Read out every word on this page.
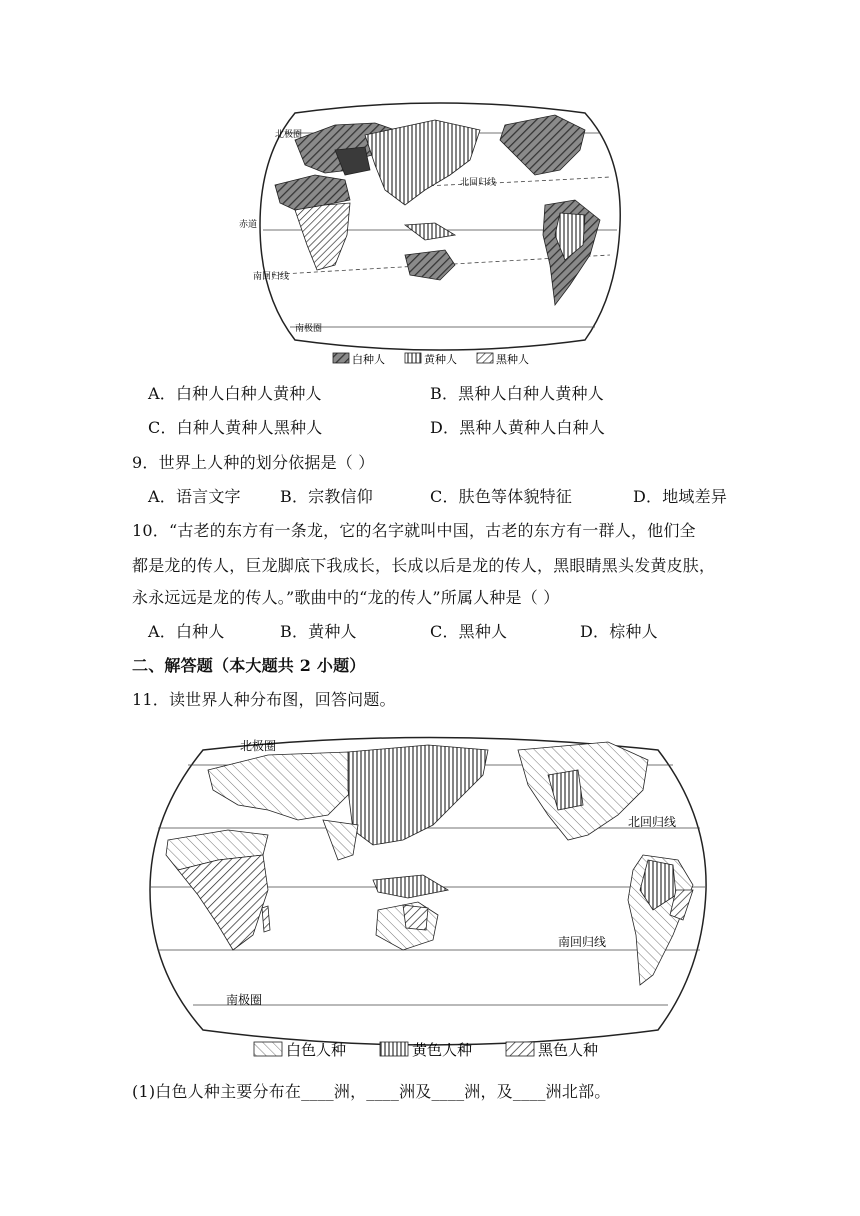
北极圈
北回归线
赤道
南回归线
南极圈
白种人	黄种人	黑种人
A．白种人白种人黄种人	B．黑种人白种人黄种人
C．白种人黄种人黑种人	D．黑种人黄种人白种人
9．世界上人种的划分依据是（ ）
A．语言文字 B．宗教信仰	C．肤色等体貌特征	D．地域差异
10．“古老的东方有一条龙，它的名字就叫中国，古老的东方有一群人，他们全
都是龙的传人，巨龙脚底下我成长，长成以后是龙的传人，黑眼睛黑头发黄皮肤，
永永远远是龙的传人。”歌曲中的“龙的传人”所属人种是（ ）
A．白种人	B．黄种人	C．黑种人	D．棕种人
二、解答题（本大题共 2 小题）
11．读世界人种分布图，回答问题。
北极圈
北回归线
南回归线
南极圈
白色人种	黄色人种	黑色人种
(1)白色人种主要分布在____洲，____洲及____洲，及____洲北部。
